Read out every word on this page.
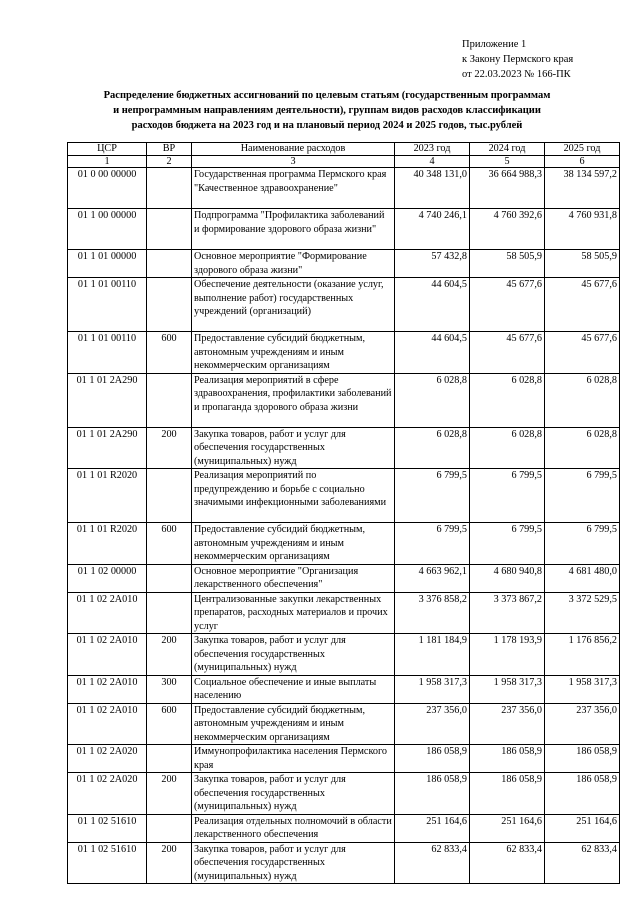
Приложение 1
к Закону Пермского края
от 22.03.2023 № 166-ПК
Распределение бюджетных ассигнований по целевым статьям (государственным программам
и непрограммным направлениям деятельности), группам видов расходов классификации
расходов бюджета на 2023 год и на плановый период 2024 и 2025 годов, тыс.рублей
ЦСР	ВР	Наименование расходов	2023 год	2024 год	2025 год
1	2	3	4	5	6
01 0 00 00000		Государственная программа Пермского края "Качественное здравоохранение"	40 348 131,0	36 664 988,3	38 134 597,2
01 1 00 00000		Подпрограмма "Профилактика заболеваний и формирование здорового образа жизни"	4 740 246,1	4 760 392,6	4 760 931,8
01 1 01 00000		Основное мероприятие "Формирование здорового образа жизни"	57 432,8	58 505,9	58 505,9
01 1 01 00110		Обеспечение деятельности (оказание услуг, выполнение работ) государственных учреждений (организаций)	44 604,5	45 677,6	45 677,6
01 1 01 00110	600	Предоставление субсидий бюджетным, автономным учреждениям и иным некоммерческим организациям	44 604,5	45 677,6	45 677,6
01 1 01 2А290		Реализация мероприятий в сфере здравоохранения, профилактики заболеваний и пропаганда здорового образа жизни	6 028,8	6 028,8	6 028,8
01 1 01 2А290	200	Закупка товаров, работ и услуг для обеспечения государственных (муниципальных) нужд	6 028,8	6 028,8	6 028,8
01 1 01 R2020		Реализация мероприятий по предупреждению и борьбе с социально значимыми инфекционными заболеваниями	6 799,5	6 799,5	6 799,5
01 1 01 R2020	600	Предоставление субсидий бюджетным, автономным учреждениям и иным некоммерческим организациям	6 799,5	6 799,5	6 799,5
01 1 02 00000		Основное мероприятие "Организация лекарственного обеспечения"	4 663 962,1	4 680 940,8	4 681 480,0
01 1 02 2А010		Централизованные закупки лекарственных препаратов, расходных материалов и прочих услуг	3 376 858,2	3 373 867,2	3 372 529,5
01 1 02 2А010	200	Закупка товаров, работ и услуг для обеспечения государственных (муниципальных) нужд	1 181 184,9	1 178 193,9	1 176 856,2
01 1 02 2А010	300	Социальное обеспечение и иные выплаты населению	1 958 317,3	1 958 317,3	1 958 317,3
01 1 02 2А010	600	Предоставление субсидий бюджетным, автономным учреждениям и иным некоммерческим организациям	237 356,0	237 356,0	237 356,0
01 1 02 2А020		Иммунопрофилактика населения Пермского края	186 058,9	186 058,9	186 058,9
01 1 02 2А020	200	Закупка товаров, работ и услуг для обеспечения государственных (муниципальных) нужд	186 058,9	186 058,9	186 058,9
01 1 02 51610		Реализация отдельных полномочий в области лекарственного обеспечения	251 164,6	251 164,6	251 164,6
01 1 02 51610	200	Закупка товаров, работ и услуг для обеспечения государственных (муниципальных) нужд	62 833,4	62 833,4	62 833,4
